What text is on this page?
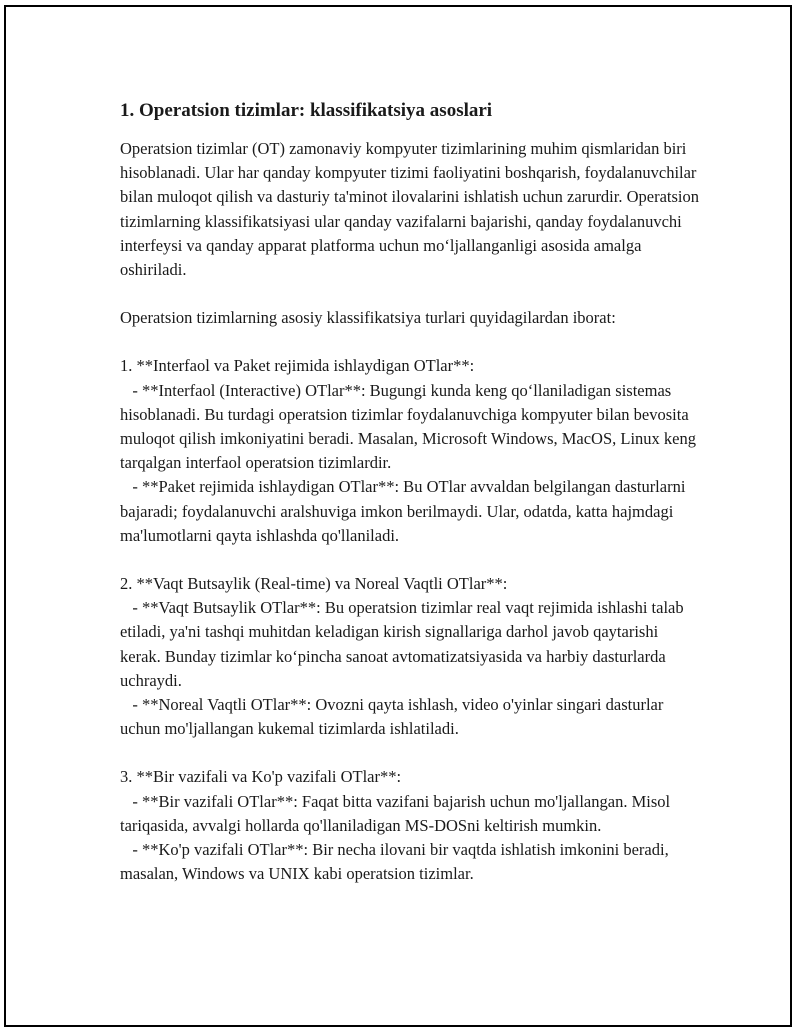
1. Operatsion tizimlar: klassifikatsiya asoslari

Operatsion tizimlar (OT) zamonaviy kompyuter tizimlarining muhim qismlaridan biri hisoblanadi. Ular har qanday kompyuter tizimi faoliyatini boshqarish, foydalanuvchilar bilan muloqot qilish va dasturiy ta'minot ilovalarini ishlatish uchun zarurdir. Operatsion tizimlarning klassifikatsiyasi ular qanday vazifalarni bajarishi, qanday foydalanuvchi interfeysi va qanday apparat platforma uchun mo‘ljallanganligi asosida amalga oshiriladi.

Operatsion tizimlarning asosiy klassifikatsiya turlari quyidagilardan iborat:

1. **Interfaol va Paket rejimida ishlaydigan OTlar**:

- **Interfaol (Interactive) OTlar**: Bugungi kunda keng qo‘llaniladigan sistemas hisoblanadi. Bu turdagi operatsion tizimlar foydalanuvchiga kompyuter bilan bevosita muloqot qilish imkoniyatini beradi. Masalan, Microsoft Windows, MacOS, Linux keng tarqalgan interfaol operatsion tizimlardir.

- **Paket rejimida ishlaydigan OTlar**: Bu OTlar avvaldan belgilangan dasturlarni bajaradi; foydalanuvchi aralshuviga imkon berilmaydi. Ular, odatda, katta hajmdagi ma'lumotlarni qayta ishlashda qo'llaniladi.

2. **Vaqt Butsaylik (Real-time) va Noreal Vaqtli OTlar**:

- **Vaqt Butsaylik OTlar**: Bu operatsion tizimlar real vaqt rejimida ishlashi talab etiladi, ya'ni tashqi muhitdan keladigan kirish signallariga darhol javob qaytarishi kerak. Bunday tizimlar ko‘pincha sanoat avtomatizatsiyasida va harbiy dasturlarda uchraydi.

- **Noreal Vaqtli OTlar**: Ovozni qayta ishlash, video o'yinlar singari dasturlar uchun mo'ljallangan kukemal tizimlarda ishlatiladi.

3. **Bir vazifali va Ko'p vazifali OTlar**:

- **Bir vazifali OTlar**: Faqat bitta vazifani bajarish uchun mo'ljallangan. Misol tariqasida, avvalgi hollarda qo'llaniladigan MS-DOSni keltirish mumkin.

- **Ko'p vazifali OTlar**: Bir necha ilovani bir vaqtda ishlatish imkonini beradi, masalan, Windows va UNIX kabi operatsion tizimlar.
